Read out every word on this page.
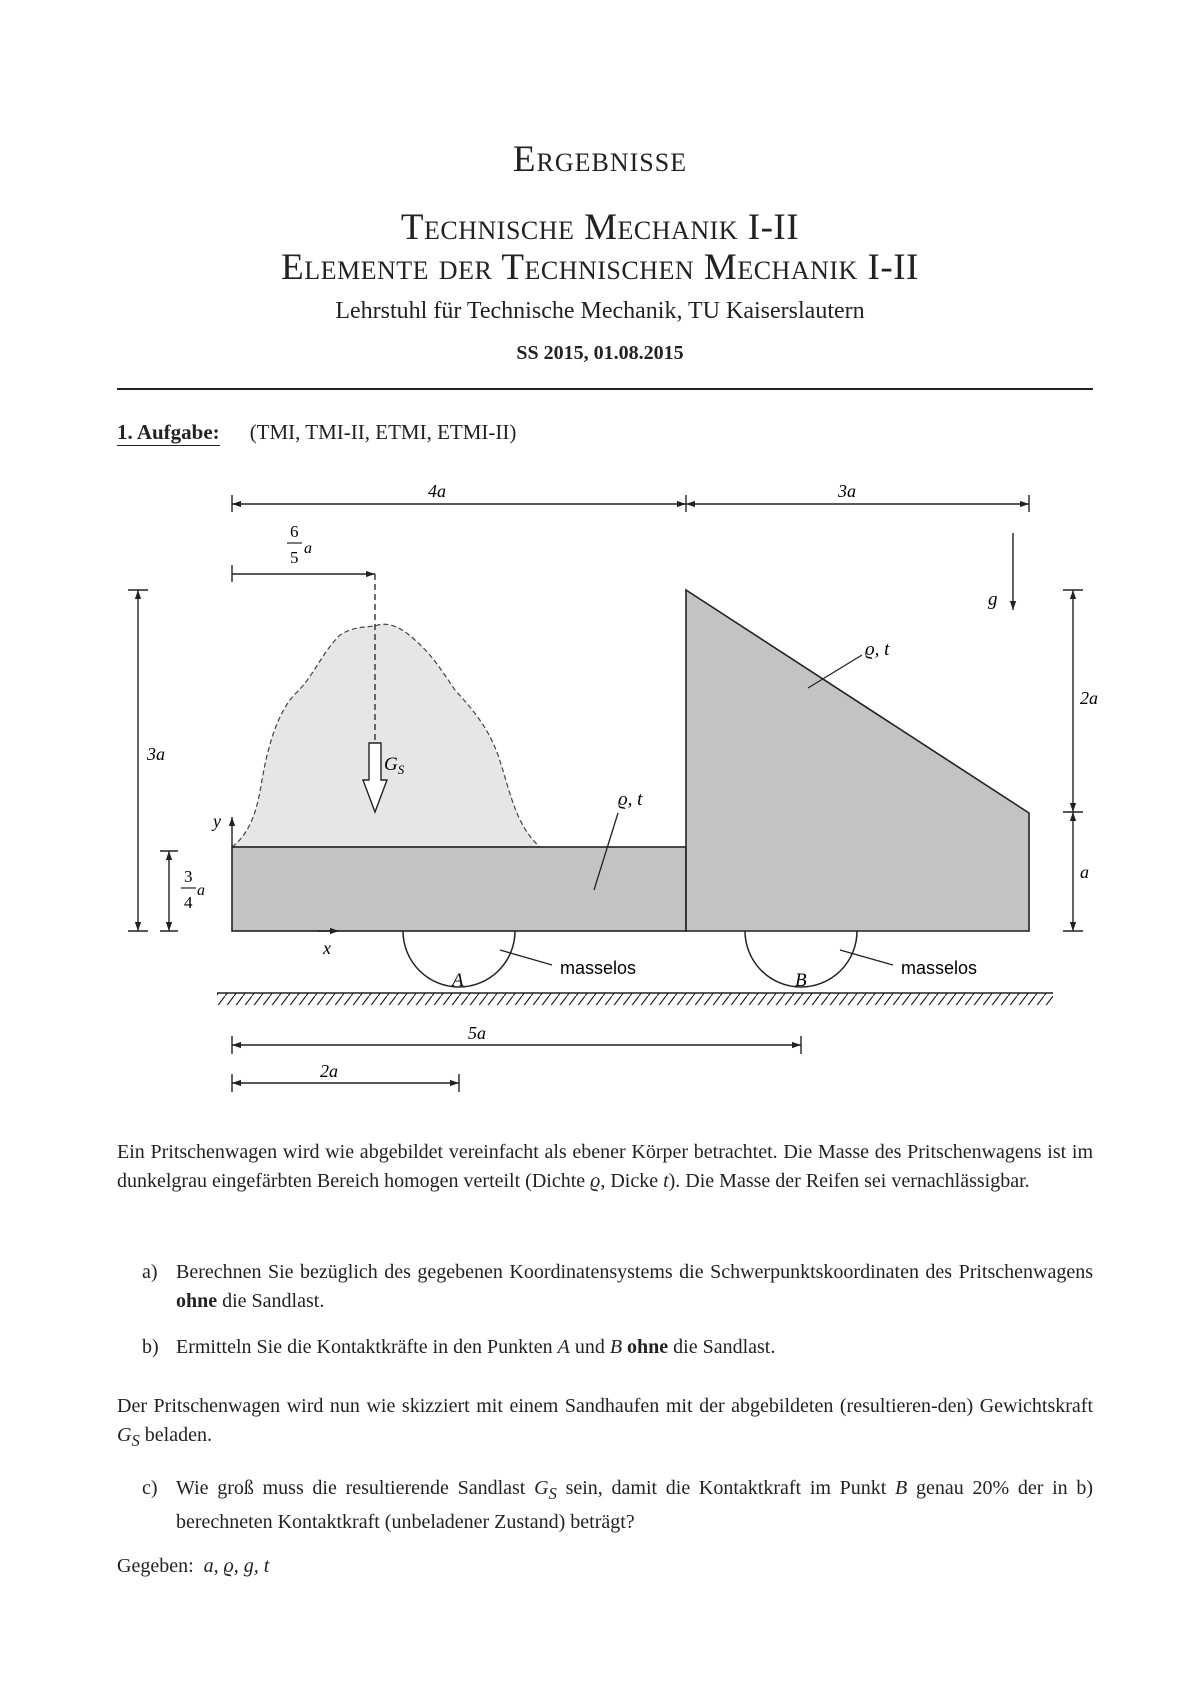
Ergebnisse
Technische Mechanik I-II
Elemente der Technischen Mechanik I-II
Lehrstuhl für Technische Mechanik, TU Kaiserslautern
SS 2015, 01.08.2015
1. Aufgabe: (TMI, TMI-II, ETMI, ETMI-II)
4a	3a
6
5 a
g
3a
3
4
a
2a
a
$G_S$
ϱ, t
ϱ, t
y
x
A	B
masselos	masselos
5a
2a
Ein Pritschenwagen wird wie abgebildet vereinfacht als ebener Körper betrachtet. Die Masse des Pritschenwagens ist im dunkelgrau eingefärbten Bereich homogen verteilt (Dichte ϱ, Dicke t). Die Masse der Reifen sei vernachlässigbar.
a) Berechnen Sie bezüglich des gegebenen Koordinatensystems die Schwerpunktskoordinaten des Pritschenwagens ohne die Sandlast.
b) Ermitteln Sie die Kontaktkräfte in den Punkten A und B ohne die Sandlast.
Der Pritschenwagen wird nun wie skizziert mit einem Sandhaufen mit der abgebildeten (resultieren-den) Gewichtskraft $G_S$ beladen.
c) Wie groß muss die resultierende Sandlast $G_S$ sein, damit die Kontaktkraft im Punkt B genau 20% der in b) berechneten Kontaktkraft (unbeladener Zustand) beträgt?
Gegeben: a, ϱ, g, t
